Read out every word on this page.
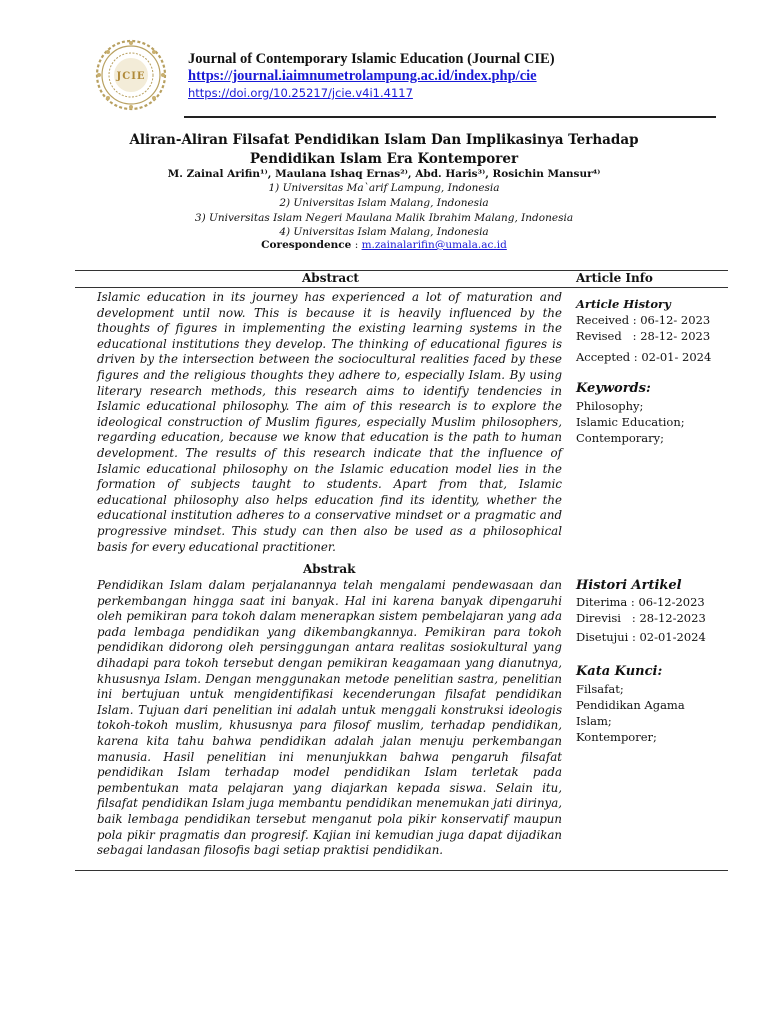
JCIE
Journal of Contemporary Islamic Education (Journal CIE)
https://journal.iaimnumetrolampung.ac.id/index.php/cie
https://doi.org/10.25217/jcie.v4i1.4117
Aliran-Aliran Filsafat Pendidikan Islam Dan Implikasinya Terhadap
Pendidikan Islam Era Kontemporer
M. Zainal Arifin¹⁾, Maulana Ishaq Ernas²⁾, Abd. Haris³⁾, Rosichin Mansur⁴⁾
1) Universitas Ma`arif Lampung, Indonesia
2) Universitas Islam Malang, Indonesia
3) Universitas Islam Negeri Maulana Malik Ibrahim Malang, Indonesia
4) Universitas Islam Malang, Indonesia
Corespondence : m.zainalarifin@umala.ac.id
Abstract	Article Info
Islamic education in its journey has experienced a lot of maturation and development until now. This is because it is heavily influenced by the thoughts of figures in implementing the existing learning systems in the educational institutions they develop. The thinking of educational figures is driven by the intersection between the sociocultural realities faced by these figures and the religious thoughts they adhere to, especially Islam. By using literary research methods, this research aims to identify tendencies in Islamic educational philosophy. The aim of this research is to explore the ideological construction of Muslim figures, especially Muslim philosophers, regarding education, because we know that education is the path to human development. The results of this research indicate that the influence of Islamic educational philosophy on the Islamic education model lies in the formation of subjects taught to students. Apart from that, Islamic educational philosophy also helps education find its identity, whether the educational institution adheres to a conservative mindset or a pragmatic and progressive mindset. This study can then also be used as a philosophical basis for every educational practitioner.
Article History
Received : 06-12- 2023
Revised   : 28-12- 2023
Accepted : 02-01- 2024
Keywords:
Philosophy;
Islamic Education;
Contemporary;
Abstrak
Pendidikan Islam dalam perjalanannya telah mengalami pendewasaan dan perkembangan hingga saat ini banyak. Hal ini karena banyak dipengaruhi oleh pemikiran para tokoh dalam menerapkan sistem pembelajaran yang ada pada lembaga pendidikan yang dikembangkannya. Pemikiran para tokoh pendidikan didorong oleh persinggungan antara realitas sosiokultural yang dihadapi para tokoh tersebut dengan pemikiran keagamaan yang dianutnya, khususnya Islam. Dengan menggunakan metode penelitian sastra, penelitian ini bertujuan untuk mengidentifikasi kecenderungan filsafat pendidikan Islam. Tujuan dari penelitian ini adalah untuk menggali konstruksi ideologis tokoh-tokoh muslim, khususnya para filosof muslim, terhadap pendidikan, karena kita tahu bahwa pendidikan adalah jalan menuju perkembangan manusia. Hasil penelitian ini menunjukkan bahwa pengaruh filsafat pendidikan Islam terhadap model pendidikan Islam terletak pada pembentukan mata pelajaran yang diajarkan kepada siswa. Selain itu, filsafat pendidikan Islam juga membantu pendidikan menemukan jati dirinya, baik lembaga pendidikan tersebut menganut pola pikir konservatif maupun pola pikir pragmatis dan progresif. Kajian ini kemudian juga dapat dijadikan sebagai landasan filosofis bagi setiap praktisi pendidikan.
Histori Artikel
Diterima : 06-12-2023
Direvisi   : 28-12-2023
Disetujui : 02-01-2024
Kata Kunci:
Filsafat;
Pendidikan Agama
Islam;
Kontemporer;
